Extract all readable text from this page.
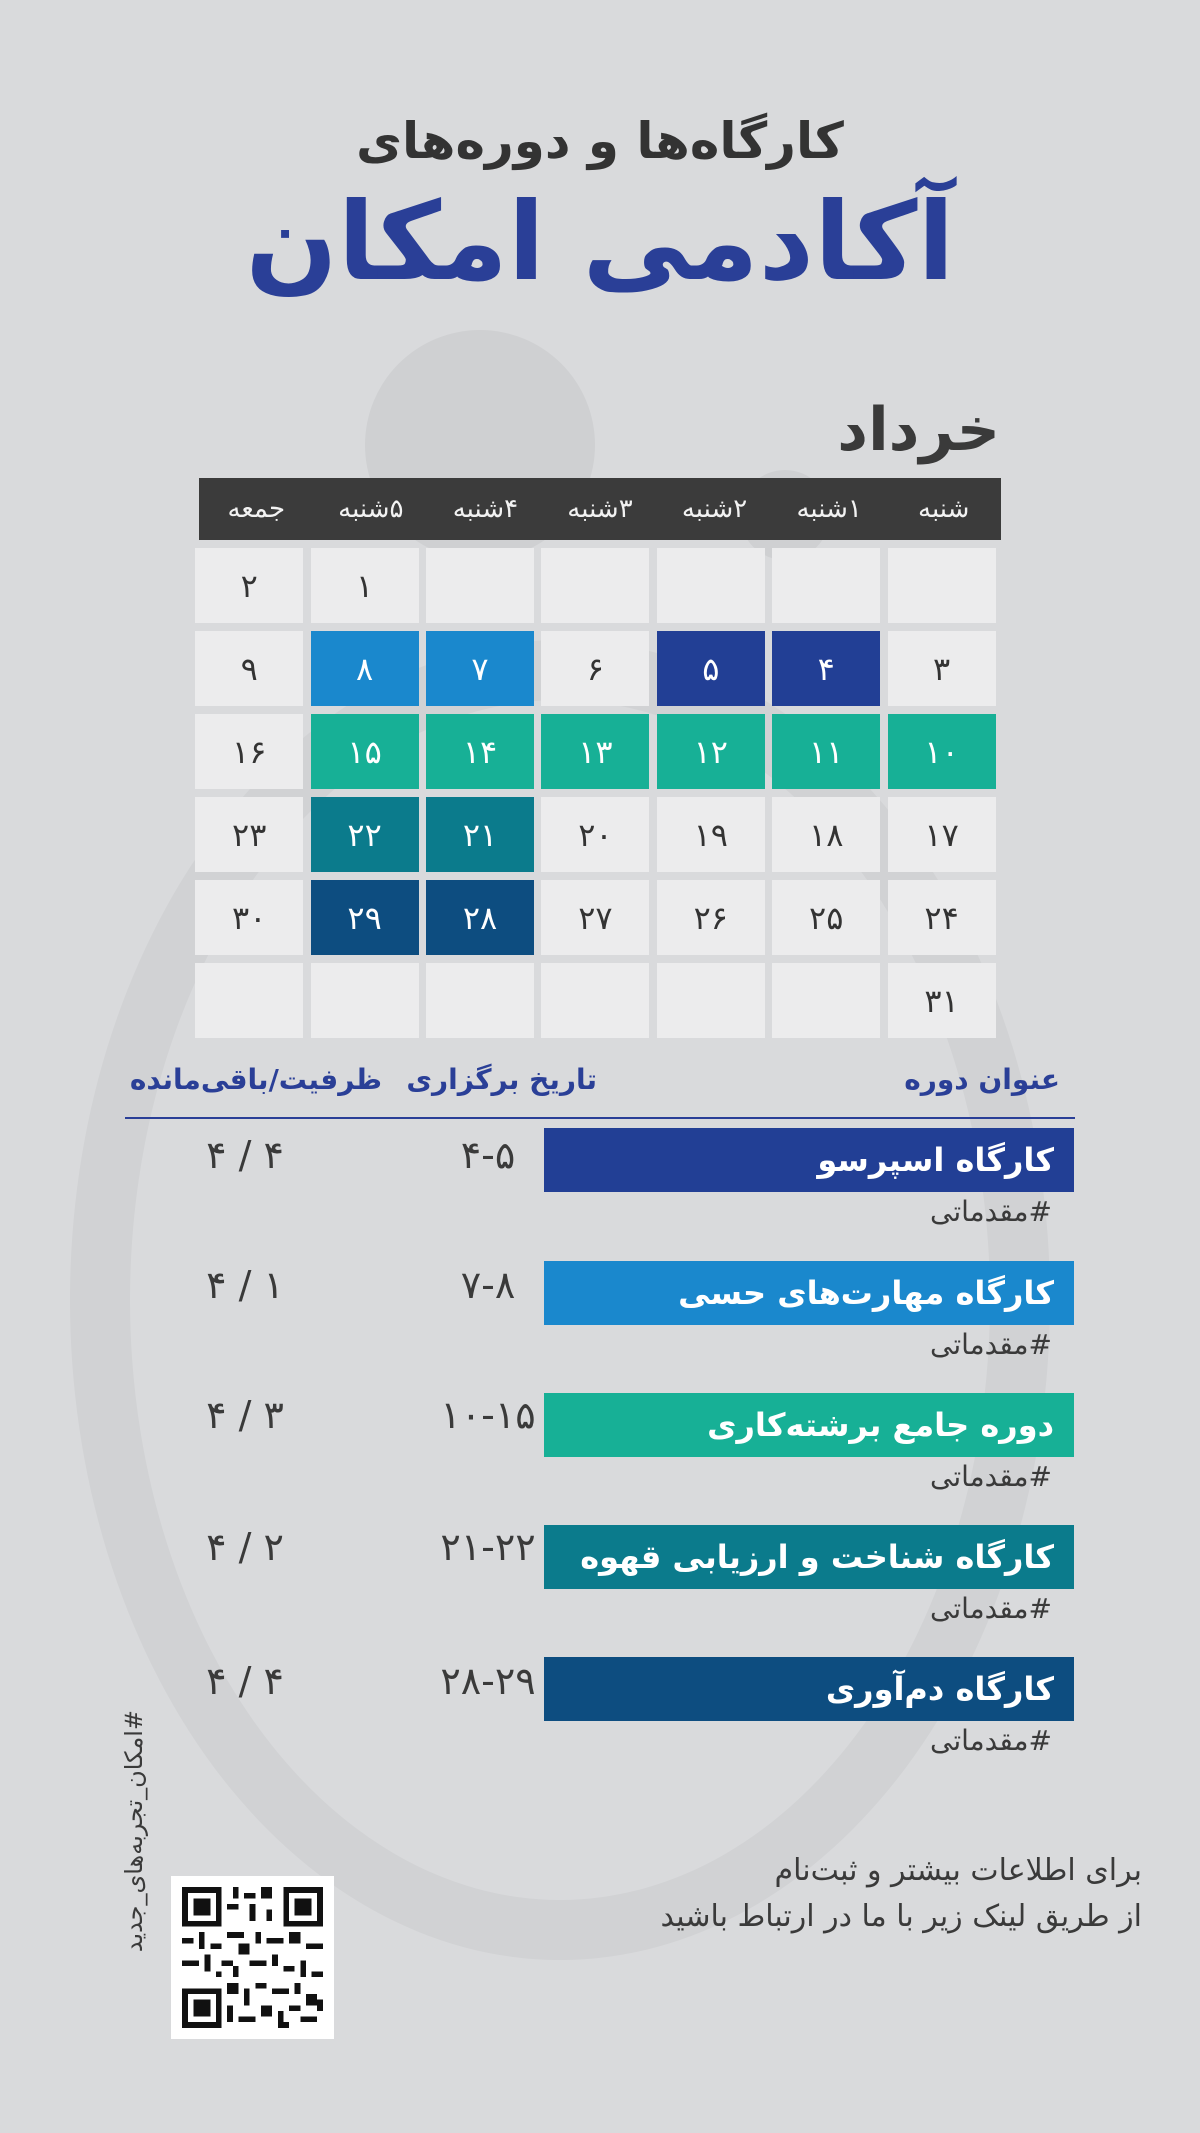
کارگاه‌ها و دوره‌های
آکادمی امکان
خرداد
شنبه
۱شنبه
۲شنبه
۳شنبه
۴شنبه
۵شنبه
جمعه
۱
۲
۳
۴
۵
۶
۷
۸
۹
۱۰
۱۱
۱۲
۱۳
۱۴
۱۵
۱۶
۱۷
۱۸
۱۹
۲۰
۲۱
۲۲
۲۳
۲۴
۲۵
۲۶
۲۷
۲۸
۲۹
۳۰
۳۱
عنوان دوره
تاریخ برگزاری
ظرفیت/باقی‌مانده
کارگاه اسپرسو
#مقدماتی
۴-۵
۴ / ۴
کارگاه مهارت‌های حسی
#مقدماتی
۷-۸
۴ / ۱
دوره جامع برشته‌کاری
#مقدماتی
۱۰-۱۵
۴ / ۳
کارگاه شناخت و ارزیابی قهوه
#مقدماتی
۲۱-۲۲
۴ / ۲
کارگاه دم‌آوری
#مقدماتی
۲۸-۲۹
۴ / ۴
برای اطلاعات بیشتر و ثبت‌نام
از طریق لینک زیر با ما در ارتباط باشید
#امکان_تجربه‌های_جدید
